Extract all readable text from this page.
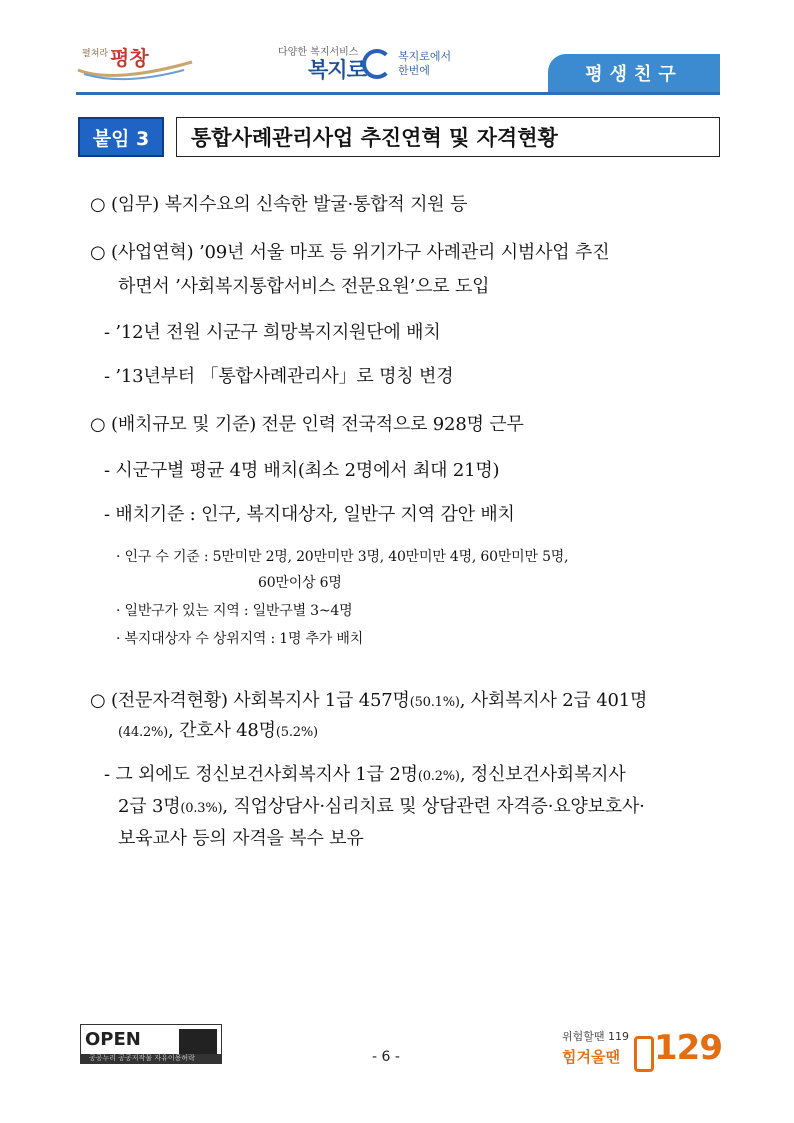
펼쳐라 평창	다양한 복지서비스
복지로
복지로에서
한번에	평생친구
붙임 3	통합사례관리사업 추진연혁 및 자격현황
○ (임무) 복지수요의 신속한 발굴·통합적 지원 등
○ (사업연혁) ’09년 서울 마포 등 위기가구 사례관리 시범사업 추진
하면서 ’사회복지통합서비스 전문요원’으로 도입
- ’12년 전원 시군구 희망복지지원단에 배치
- ’13년부터 「통합사례관리사」로 명칭 변경
○ (배치규모 및 기준) 전문 인력 전국적으로 928명 근무
- 시군구별 평균 4명 배치(최소 2명에서 최대 21명)
- 배치기준 : 인구, 복지대상자, 일반구 지역 감안 배치
· 인구 수 기준 : 5만미만 2명, 20만미만 3명, 40만미만 4명, 60만미만 5명,
60만이상 6명
· 일반구가 있는 지역 : 일반구별 3~4명
· 복지대상자 수 상위지역 : 1명 추가 배치
○ (전문자격현황) 사회복지사 1급 457명(50.1%), 사회복지사 2급 401명
(44.2%), 간호사 48명(5.2%)
- 그 외에도 정신보건사회복지사 1급 2명(0.2%), 정신보건사회복지사
2급 3명(0.3%), 직업상담사·심리치료 및 상담관련 자격증·요양보호사·
보육교사 등의 자격을 복수 보유
OPEN
공공누리 공공저작물 자유이용허락	- 6 -
위험할땐 119
힘겨울땐 129
